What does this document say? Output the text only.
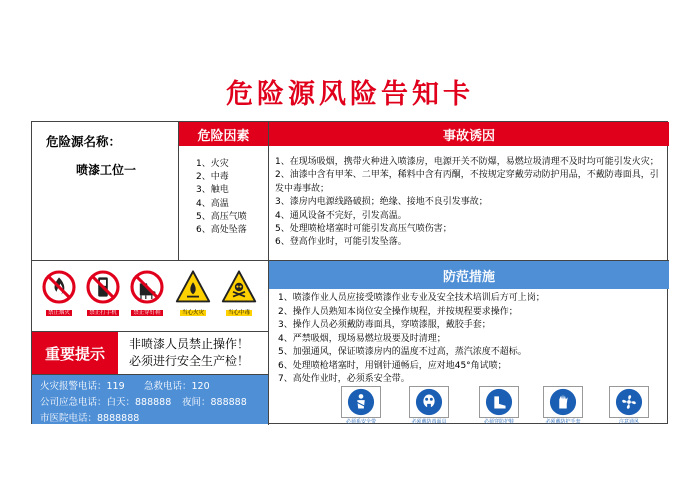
危险源风险告知卡
危险源名称：
喷漆工位一
危险因素
1、火灾
2、中毒
3、触电
4、高温
5、高压气喷
6、高处坠落
事故诱因
1、在现场吸烟，携带火种进入喷漆房，电源开关不防爆，易燃垃圾清理不及时均可能引发火灾；
2、油漆中含有甲苯、二甲苯，稀料中含有丙酮，不按规定穿戴劳动防护用品，不戴防毒面具，引发中毒事故；
3、漆房内电源线路破损；绝缘、接地不良引发事故；
4、通风设备不完好，引发高温。
5、处理喷枪堵塞时可能引发高压气喷伤害；
6、登高作业时，可能引发坠落。
禁止烟火	禁止打手机	禁止穿钉鞋	当心火灾	当心中毒
重要提示
非喷漆人员禁止操作！
必须进行安全生产检！
火灾报警电话：119 急救电话：120
公司应急电话：白天：888888 夜间：888888
市医院电话：8888888
防范措施
1、喷漆作业人员应接受喷漆作业专业及安全技术培训后方可上岗；
2、操作人员熟知本岗位安全操作规程，并按规程要求操作；
3、操作人员必须戴防毒面具，穿喷漆服，戴胶手套；
4、严禁吸烟，现场易燃垃圾要及时清理；
5、加强通风，保证喷漆房内的温度不过高，蒸汽浓度不超标。
6、处理喷枪堵塞时，用钢针通畅后，应对地45°角试喷；
7、高处作业时，必须系安全带。
必须系安全带	必须戴防毒面具	必须穿防护鞋	必须戴防护手套	注意通风
